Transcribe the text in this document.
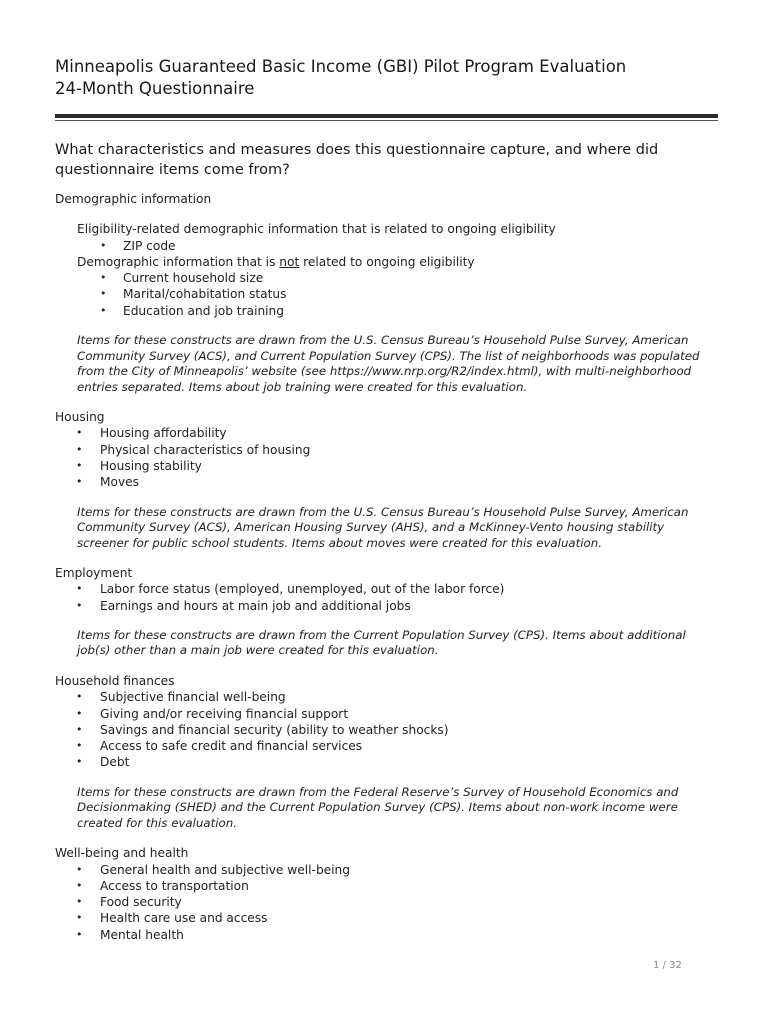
Minneapolis Guaranteed Basic Income (GBI) Pilot Program Evaluation
24-Month Questionnaire
What characteristics and measures does this questionnaire capture, and where did questionnaire items come from?
Demographic information
Eligibility-related demographic information that is related to ongoing eligibility
• ZIP code
Demographic information that is not related to ongoing eligibility
• Current household size
• Marital/cohabitation status
• Education and job training
Items for these constructs are drawn from the U.S. Census Bureau’s Household Pulse Survey, American Community Survey (ACS), and Current Population Survey (CPS). The list of neighborhoods was populated from the City of Minneapolis’ website (see https://www.nrp.org/R2/index.html), with multi-neighborhood entries separated. Items about job training were created for this evaluation.
Housing
• Housing affordability
• Physical characteristics of housing
• Housing stability
• Moves
Items for these constructs are drawn from the U.S. Census Bureau’s Household Pulse Survey, American Community Survey (ACS), American Housing Survey (AHS), and a McKinney-Vento housing stability screener for public school students. Items about moves were created for this evaluation.
Employment
• Labor force status (employed, unemployed, out of the labor force)
• Earnings and hours at main job and additional jobs
Items for these constructs are drawn from the Current Population Survey (CPS). Items about additional job(s) other than a main job were created for this evaluation.
Household finances
• Subjective financial well-being
• Giving and/or receiving financial support
• Savings and financial security (ability to weather shocks)
• Access to safe credit and financial services
• Debt
Items for these constructs are drawn from the Federal Reserve’s Survey of Household Economics and Decisionmaking (SHED) and the Current Population Survey (CPS). Items about non-work income were created for this evaluation.
Well-being and health
• General health and subjective well-being
• Access to transportation
• Food security
• Health care use and access
• Mental health
1 / 32
